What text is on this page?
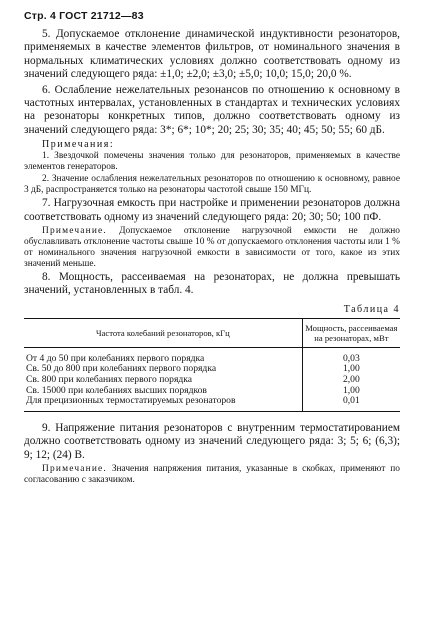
Стр. 4 ГОСТ 21712—83

5. Допускаемое отклонение динамической индуктивности резонаторов, применяемых в качестве элементов фильтров, от номинального значения в нормальных климатических условиях должно соответствовать одному из значений следующего ряда: ±1,0; ±2,0; ±3,0; ±5,0; 10,0; 15,0; 20,0 %.

6. Ослабление нежелательных резонансов по отношению к основному в частотных интервалах, установленных в стандартах и технических условиях на резонаторы конкретных типов, должно соответствовать одному из значений следующего ряда: 3*; 6*; 10*; 20; 25; 30; 35; 40; 45; 50; 55; 60 дБ.

Примечания:

1. Звездочкой помечены значения только для резонаторов, применяемых в качестве элементов генераторов.

2. Значение ослабления нежелательных резонаторов по отношению к основному, равное 3 дБ, распространяется только на резонаторы частотой свыше 150 МГц.

7. Нагрузочная емкость при настройке и применении резонаторов должна соответствовать одному из значений следующего ряда: 20; 30; 50; 100 пФ.

Примечание. Допускаемое отклонение нагрузочной емкости не должно обуславливать отклонение частоты свыше 10 % от допускаемого отклонения частоты или 1 % от номинального значения нагрузочной емкости в зависимости от того, какое из этих значений меньше.

8. Мощность, рассеиваемая на резонаторах, не должна превышать значений, установленных в табл. 4.

Таблица 4
Частота колебаний резонаторов, кГц	Мощность, рассеиваемая на резонаторах, мВт
От 4 до 50 при колебаниях первого порядка	0,03
Св. 50 до 800 при колебаниях первого порядка	1,00
Св. 800 при колебаниях первого порядка	2,00
Св. 15000 при колебаниях высших порядков	1,00
Для прецизионных термостатируемых резонаторов	0,01

9. Напряжение питания резонаторов с внутренним термостатированием должно соответствовать одному из значений следующего ряда: 3; 5; 6; (6,3); 9; 12; (24) В.

Примечание. Значения напряжения питания, указанные в скобках, применяют по согласованию с заказчиком.
